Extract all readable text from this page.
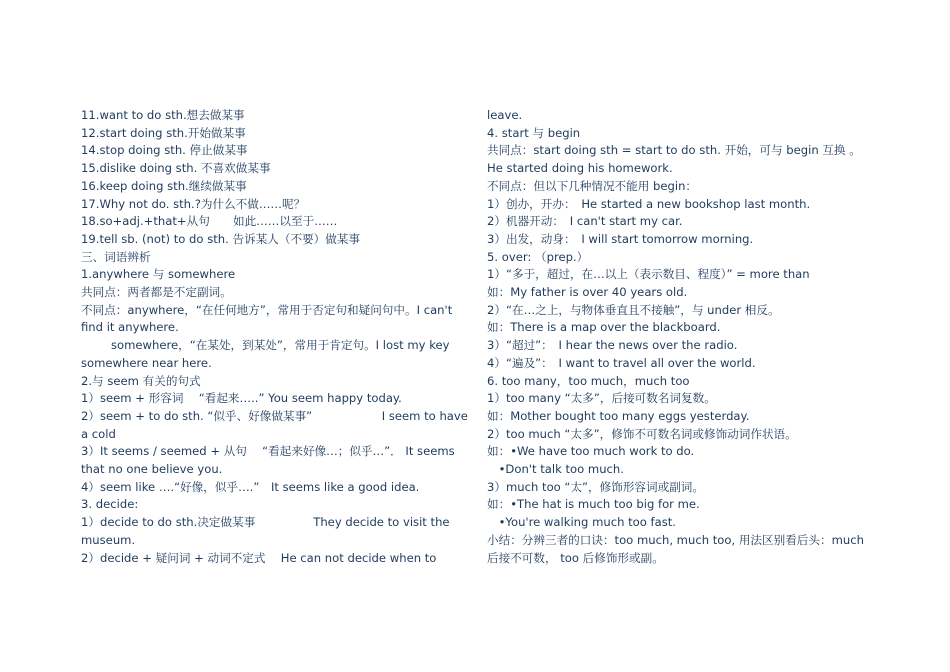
11.want to do sth.想去做某事
12.start doing sth.开始做某事
14.stop doing sth. 停止做某事
15.dislike doing sth. 不喜欢做某事
16.keep doing sth.继续做某事
17.Why not do. sth.?为什么不做……呢？
18.so+adj.+that+从句　　如此……以至于……
19.tell sb. (not) to do sth. 告诉某人（不要）做某事
三、词语辨析
1.anywhere 与 somewhere
共同点：两者都是不定副词。
不同点：anywhere，“在任何地方”，常用于否定句和疑问句中。I can't find it anywhere.
somewhere，“在某处，到某处”，常用于肯定句。I lost my key somewhere near here.
2.与 seem 有关的句式
1）seem + 形容词　 “看起来…..” You seem happy today.
2）seem + to do sth. “似乎、好像做某事”　　　　　　I seem to have a cold
3）It seems / seemed + 从句　 “看起来好像…；似乎…”． It seems that no one believe you.
4）seem like ….“好像，似乎….”　It seems like a good idea.
3. decide:
1）decide to do sth.决定做某事　　　　　They decide to visit the museum.
2）decide + 疑问词 + 动词不定式　 He can not decide when to
leave.
4. start 与 begin
共同点：start doing sth = start to do sth. 开始，可与 begin 互换 。He started doing his homework.
不同点：但以下几种情况不能用 begin：
1）创办，开办：　He started a new bookshop last month.
2）机器开动：　I can't start my car.
3）出发，动身：　I will start tomorrow morning.
5. over: （prep.）
1）“多于，超过，在…以上（表示数目、程度）” = more than
如：My father is over 40 years old.
2）“在…之上，与物体垂直且不接触”，与 under 相反。
如：There is a map over the blackboard.
3）“超过”：　I hear the news over the radio.
4）“遍及”：　I want to travel all over the world.
6. too many，too much，much too
1）too many “太多”，后接可数名词复数。
如：Mother bought too many eggs yesterday.
2）too much “太多”，修饰不可数名词或修饰动词作状语。
如：•We have too much work to do.
　•Don't talk too much.
3）much too “太”，修饰形容词或副词。
如：•The hat is much too big for me.
　•You're walking much too fast.
小结：分辨三者的口诀：too much, much too, 用法区别看后头：much 后接不可数， too 后修饰形或副。
